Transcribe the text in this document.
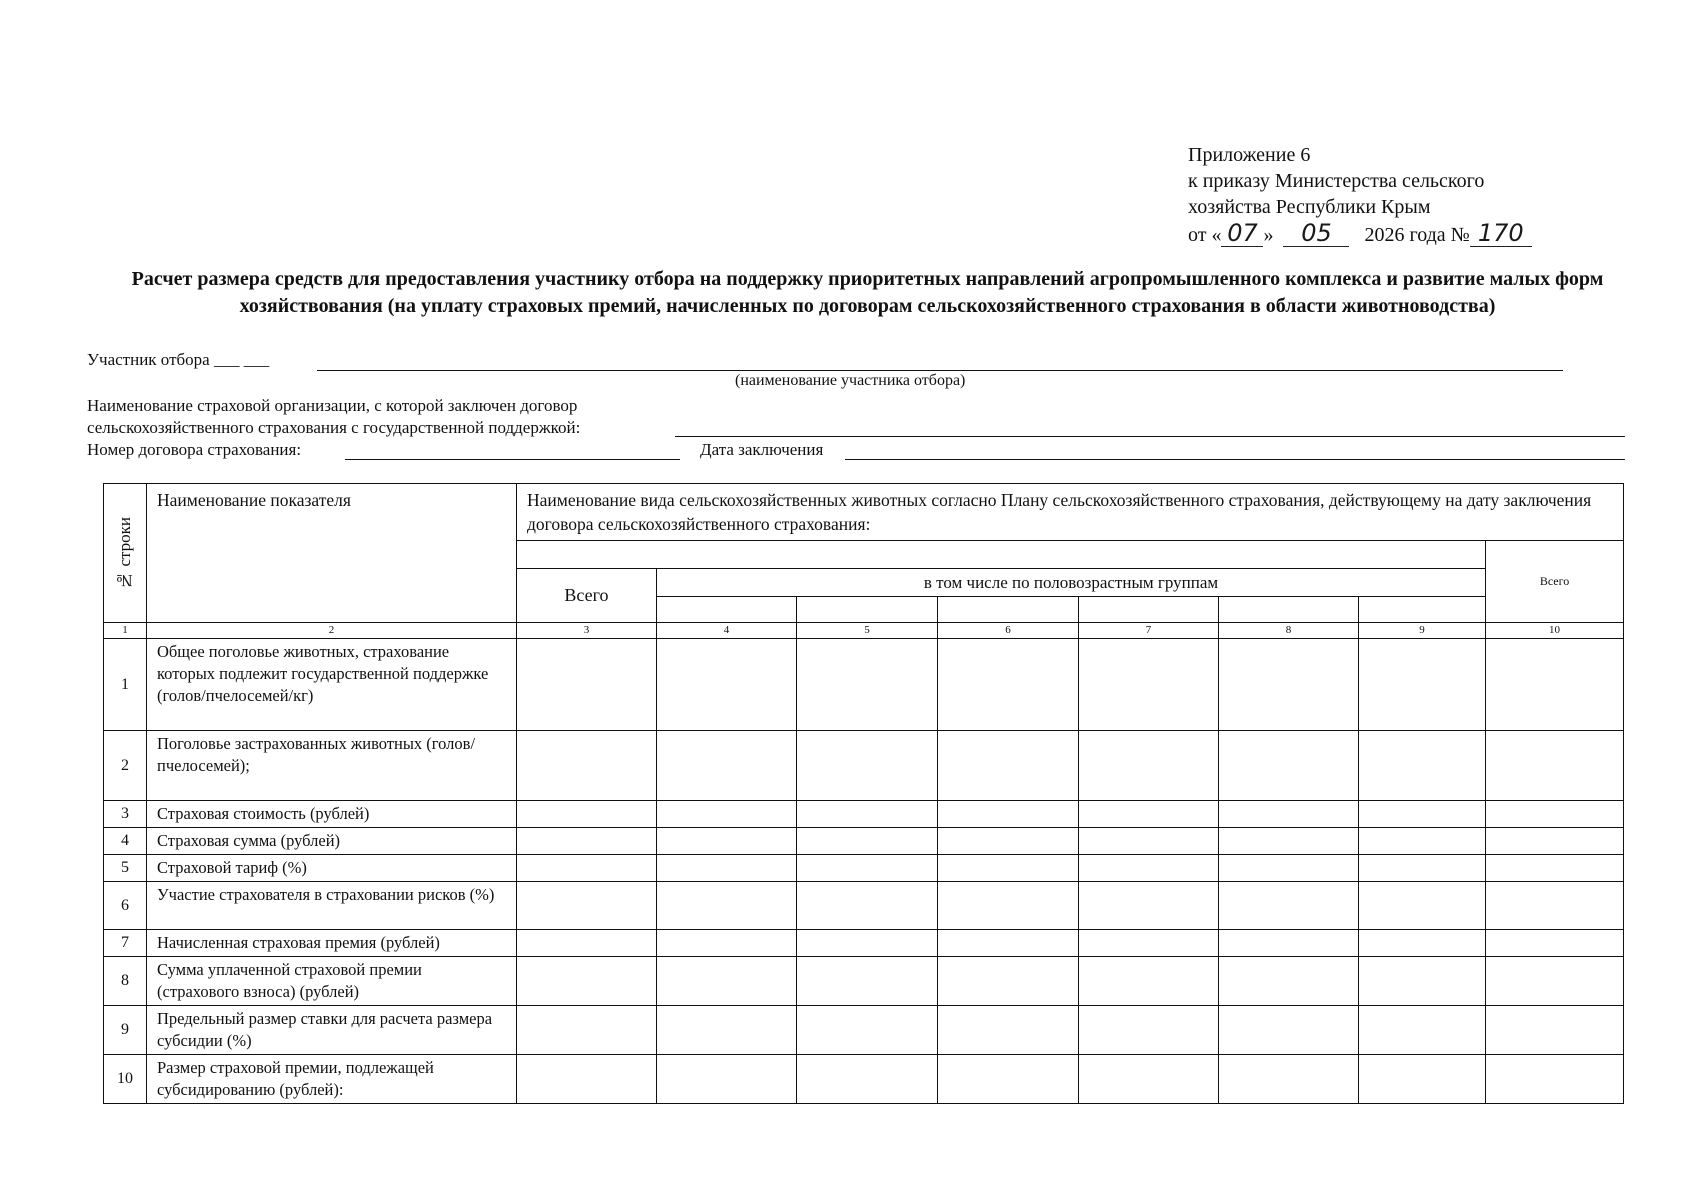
Приложение 6
к приказу Министерства сельского
хозяйства Республики Крым
от « 07 » 05 2026 года № 170
Расчет размера средств для предоставления участнику отбора на поддержку приоритетных направлений агропромышленного комплекса и развитие малых форм хозяйствования (на уплату страховых премий, начисленных по договорам сельскохозяйственного страхования в области животноводства)
Участник отбора ___ ___
(наименование участника отбора)
Наименование страховой организации, с которой заключен договор
сельскохозяйственного страхования с государственной поддержкой:
Номер договора страхования:	Дата заключения
№ строки	Наименование показателя	Наименование вида сельскохозяйственных животных согласно Плану сельскохозяйственного страхования, действующему на дату заключения договора сельскохозяйственного страхования:							
									Всего
		Всего	в том числе по половозрастным группам						

1	2	3	4	5	6	7	8	9	10
1	Общее поголовье животных, страхование которых подлежит государственной поддержке (голов/пчелосемей/кг)								
2	Поголовье застрахованных животных (голов/пчелосемей);								
3	Страховая стоимость (рублей)								
4	Страховая сумма (рублей)								
5	Страховой тариф (%)								
6	Участие страхователя в страховании рисков (%)								
7	Начисленная страховая премия (рублей)								
8	Сумма уплаченной страховой премии (страхового взноса) (рублей)								
9	Предельный размер ставки для расчета размера субсидии (%)								
10	Размер страховой премии, подлежащей субсидированию (рублей):								
